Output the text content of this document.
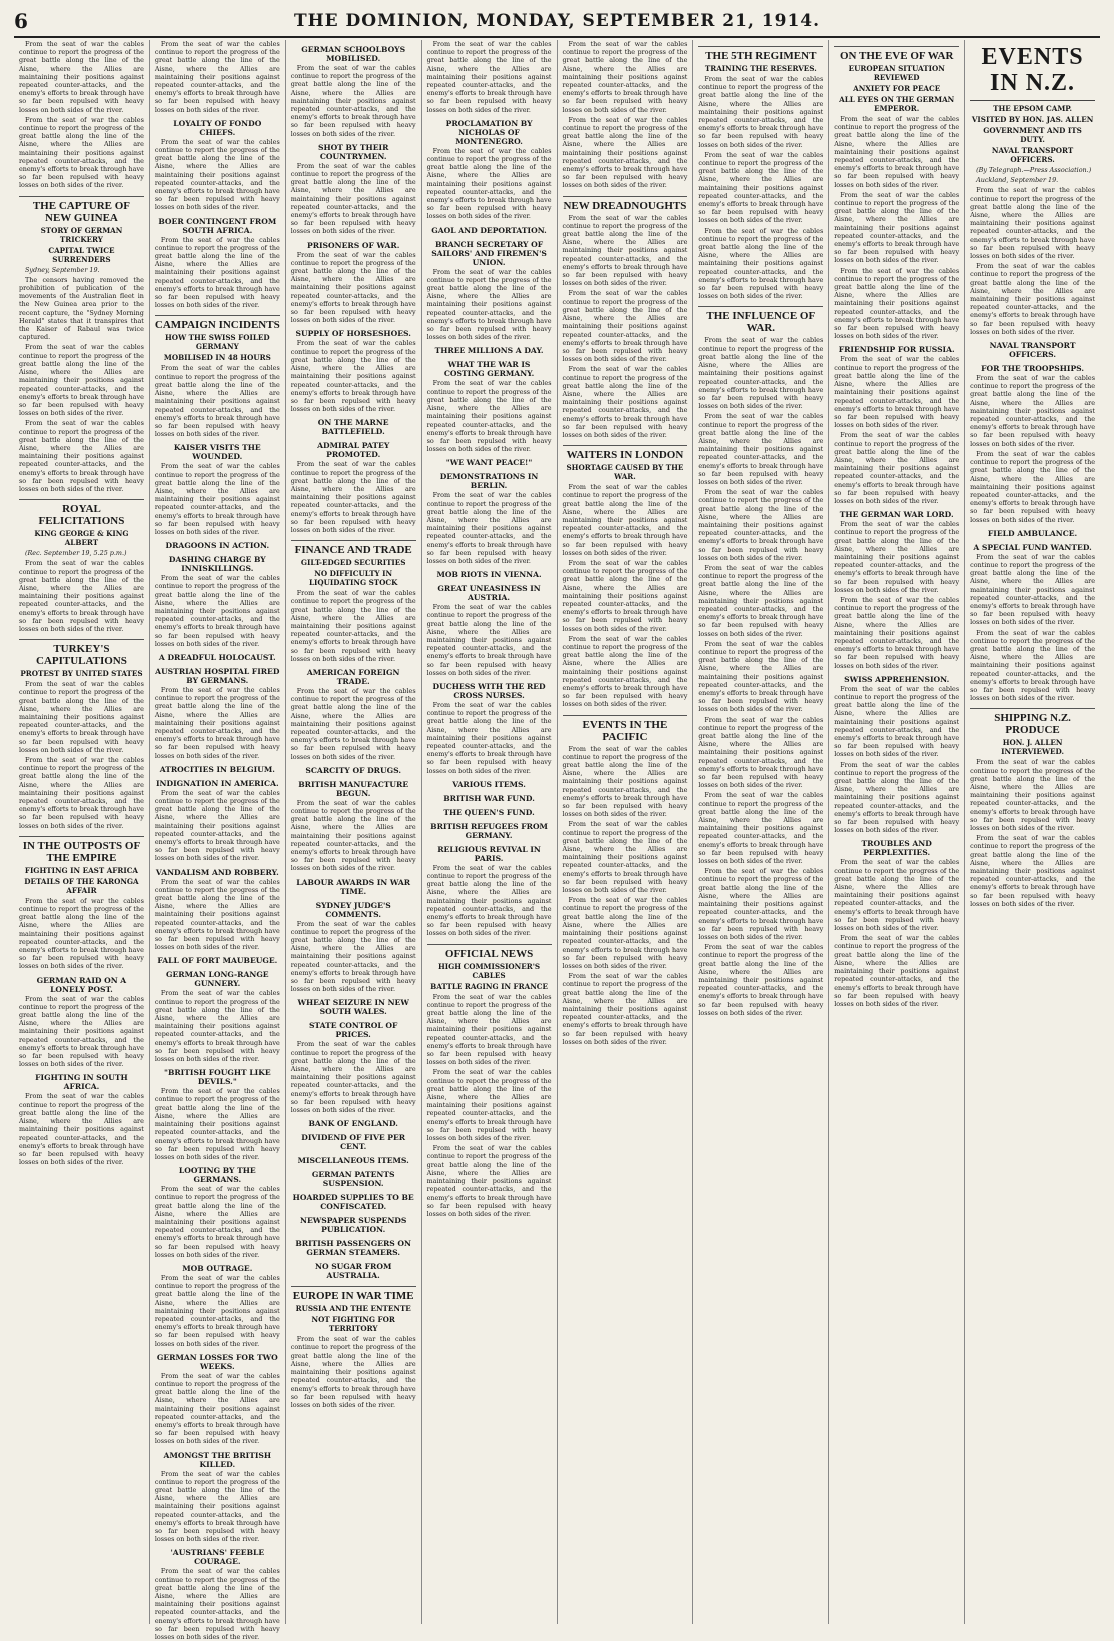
6	THE DOMINION, MONDAY, SEPTEMBER 21, 1914.

From the seat of war the cables continue to report the progress of the great battle along the line of the Aisne, where the Allies are maintaining their positions against repeated counter-attacks, and the enemy's efforts to break through have so far been repulsed with heavy losses on both sides of the river.

From the seat of war the cables continue to report the progress of the great battle along the line of the Aisne, where the Allies are maintaining their positions against repeated counter-attacks, and the enemy's efforts to break through have so far been repulsed with heavy losses on both sides of the river.

THE CAPTURE OF NEW GUINEA
STORY OF GERMAN TRICKERY
CAPITAL TWICE SURRENDERS

Sydney, September 19.

The censors having removed the prohibition of publication of the movements of the Australian fleet in the New Guinea area prior to the recent capture, the "Sydney Morning Herald" states that it transpires that the Kaiser of Rabaul was twice captured.

From the seat of war the cables continue to report the progress of the great battle along the line of the Aisne, where the Allies are maintaining their positions against repeated counter-attacks, and the enemy's efforts to break through have so far been repulsed with heavy losses on both sides of the river.

From the seat of war the cables continue to report the progress of the great battle along the line of the Aisne, where the Allies are maintaining their positions against repeated counter-attacks, and the enemy's efforts to break through have so far been repulsed with heavy losses on both sides of the river.

ROYAL FELICITATIONS
KING GEORGE & KING ALBERT

(Rec. September 19, 5.25 p.m.)

From the seat of war the cables continue to report the progress of the great battle along the line of the Aisne, where the Allies are maintaining their positions against repeated counter-attacks, and the enemy's efforts to break through have so far been repulsed with heavy losses on both sides of the river.

TURKEY'S CAPITULATIONS
PROTEST BY UNITED STATES

From the seat of war the cables continue to report the progress of the great battle along the line of the Aisne, where the Allies are maintaining their positions against repeated counter-attacks, and the enemy's efforts to break through have so far been repulsed with heavy losses on both sides of the river.

From the seat of war the cables continue to report the progress of the great battle along the line of the Aisne, where the Allies are maintaining their positions against repeated counter-attacks, and the enemy's efforts to break through have so far been repulsed with heavy losses on both sides of the river.

IN THE OUTPOSTS OF THE EMPIRE
FIGHTING IN EAST AFRICA
DETAILS OF THE KARONGA AFFAIR

From the seat of war the cables continue to report the progress of the great battle along the line of the Aisne, where the Allies are maintaining their positions against repeated counter-attacks, and the enemy's efforts to break through have so far been repulsed with heavy losses on both sides of the river.

GERMAN RAID ON A LONELY POST.

From the seat of war the cables continue to report the progress of the great battle along the line of the Aisne, where the Allies are maintaining their positions against repeated counter-attacks, and the enemy's efforts to break through have so far been repulsed with heavy losses on both sides of the river.

FIGHTING IN SOUTH AFRICA.

From the seat of war the cables continue to report the progress of the great battle along the line of the Aisne, where the Allies are maintaining their positions against repeated counter-attacks, and the enemy's efforts to break through have so far been repulsed with heavy losses on both sides of the river.

From the seat of war the cables continue to report the progress of the great battle along the line of the Aisne, where the Allies are maintaining their positions against repeated counter-attacks, and the enemy's efforts to break through have so far been repulsed with heavy losses on both sides of the river.

LOYALTY OF FONDO CHIEFS.

From the seat of war the cables continue to report the progress of the great battle along the line of the Aisne, where the Allies are maintaining their positions against repeated counter-attacks, and the enemy's efforts to break through have so far been repulsed with heavy losses on both sides of the river.

BOER CONTINGENT FROM SOUTH AFRICA.

From the seat of war the cables continue to report the progress of the great battle along the line of the Aisne, where the Allies are maintaining their positions against repeated counter-attacks, and the enemy's efforts to break through have so far been repulsed with heavy losses on both sides of the river.

CAMPAIGN INCIDENTS
HOW THE SWISS FOILED GERMANY
MOBILISED IN 48 HOURS

From the seat of war the cables continue to report the progress of the great battle along the line of the Aisne, where the Allies are maintaining their positions against repeated counter-attacks, and the enemy's efforts to break through have so far been repulsed with heavy losses on both sides of the river.

KAISER VISITS THE WOUNDED.

From the seat of war the cables continue to report the progress of the great battle along the line of the Aisne, where the Allies are maintaining their positions against repeated counter-attacks, and the enemy's efforts to break through have so far been repulsed with heavy losses on both sides of the river.

DRAGOONS IN ACTION.
DASHING CHARGE BY INNISKILLINGS.

From the seat of war the cables continue to report the progress of the great battle along the line of the Aisne, where the Allies are maintaining their positions against repeated counter-attacks, and the enemy's efforts to break through have so far been repulsed with heavy losses on both sides of the river.

A DREADFUL HOLOCAUST.
AUSTRIAN HOSPITAL FIRED BY GERMANS.

From the seat of war the cables continue to report the progress of the great battle along the line of the Aisne, where the Allies are maintaining their positions against repeated counter-attacks, and the enemy's efforts to break through have so far been repulsed with heavy losses on both sides of the river.

ATROCITIES IN BELGIUM.
INDIGNATION IN AMERICA.

From the seat of war the cables continue to report the progress of the great battle along the line of the Aisne, where the Allies are maintaining their positions against repeated counter-attacks, and the enemy's efforts to break through have so far been repulsed with heavy losses on both sides of the river.

VANDALISM AND ROBBERY.

From the seat of war the cables continue to report the progress of the great battle along the line of the Aisne, where the Allies are maintaining their positions against repeated counter-attacks, and the enemy's efforts to break through have so far been repulsed with heavy losses on both sides of the river.

FALL OF FORT MAUBEUGE.
GERMAN LONG-RANGE GUNNERY.

From the seat of war the cables continue to report the progress of the great battle along the line of the Aisne, where the Allies are maintaining their positions against repeated counter-attacks, and the enemy's efforts to break through have so far been repulsed with heavy losses on both sides of the river.

"BRITISH FOUGHT LIKE DEVILS."

From the seat of war the cables continue to report the progress of the great battle along the line of the Aisne, where the Allies are maintaining their positions against repeated counter-attacks, and the enemy's efforts to break through have so far been repulsed with heavy losses on both sides of the river.

LOOTING BY THE GERMANS.

From the seat of war the cables continue to report the progress of the great battle along the line of the Aisne, where the Allies are maintaining their positions against repeated counter-attacks, and the enemy's efforts to break through have so far been repulsed with heavy losses on both sides of the river.

MOB OUTRAGE.

From the seat of war the cables continue to report the progress of the great battle along the line of the Aisne, where the Allies are maintaining their positions against repeated counter-attacks, and the enemy's efforts to break through have so far been repulsed with heavy losses on both sides of the river.

GERMAN LOSSES FOR TWO WEEKS.

From the seat of war the cables continue to report the progress of the great battle along the line of the Aisne, where the Allies are maintaining their positions against repeated counter-attacks, and the enemy's efforts to break through have so far been repulsed with heavy losses on both sides of the river.

AMONGST THE BRITISH KILLED.

From the seat of war the cables continue to report the progress of the great battle along the line of the Aisne, where the Allies are maintaining their positions against repeated counter-attacks, and the enemy's efforts to break through have so far been repulsed with heavy losses on both sides of the river.

'AUSTRIANS' FEEBLE COURAGE.

From the seat of war the cables continue to report the progress of the great battle along the line of the Aisne, where the Allies are maintaining their positions against repeated counter-attacks, and the enemy's efforts to break through have so far been repulsed with heavy losses on both sides of the river.

GERMAN SCHOOLBOYS MOBILISED.

From the seat of war the cables continue to report the progress of the great battle along the line of the Aisne, where the Allies are maintaining their positions against repeated counter-attacks, and the enemy's efforts to break through have so far been repulsed with heavy losses on both sides of the river.

SHOT BY THEIR COUNTRYMEN.

From the seat of war the cables continue to report the progress of the great battle along the line of the Aisne, where the Allies are maintaining their positions against repeated counter-attacks, and the enemy's efforts to break through have so far been repulsed with heavy losses on both sides of the river.

PRISONERS OF WAR.

From the seat of war the cables continue to report the progress of the great battle along the line of the Aisne, where the Allies are maintaining their positions against repeated counter-attacks, and the enemy's efforts to break through have so far been repulsed with heavy losses on both sides of the river.

SUPPLY OF HORSESHOES.

From the seat of war the cables continue to report the progress of the great battle along the line of the Aisne, where the Allies are maintaining their positions against repeated counter-attacks, and the enemy's efforts to break through have so far been repulsed with heavy losses on both sides of the river.

ON THE MARNE BATTLEFIELD.
ADMIRAL PATEY PROMOTED.

From the seat of war the cables continue to report the progress of the great battle along the line of the Aisne, where the Allies are maintaining their positions against repeated counter-attacks, and the enemy's efforts to break through have so far been repulsed with heavy losses on both sides of the river.

FINANCE AND TRADE
GILT-EDGED SECURITIES
NO DIFFICULTY IN LIQUIDATING STOCK

From the seat of war the cables continue to report the progress of the great battle along the line of the Aisne, where the Allies are maintaining their positions against repeated counter-attacks, and the enemy's efforts to break through have so far been repulsed with heavy losses on both sides of the river.

AMERICAN FOREIGN TRADE.

From the seat of war the cables continue to report the progress of the great battle along the line of the Aisne, where the Allies are maintaining their positions against repeated counter-attacks, and the enemy's efforts to break through have so far been repulsed with heavy losses on both sides of the river.

SCARCITY OF DRUGS.
BRITISH MANUFACTURE BEGUN.

From the seat of war the cables continue to report the progress of the great battle along the line of the Aisne, where the Allies are maintaining their positions against repeated counter-attacks, and the enemy's efforts to break through have so far been repulsed with heavy losses on both sides of the river.

LABOUR AWARDS IN WAR TIME.
SYDNEY JUDGE'S COMMENTS.

From the seat of war the cables continue to report the progress of the great battle along the line of the Aisne, where the Allies are maintaining their positions against repeated counter-attacks, and the enemy's efforts to break through have so far been repulsed with heavy losses on both sides of the river.

WHEAT SEIZURE IN NEW SOUTH WALES.
STATE CONTROL OF PRICES.

From the seat of war the cables continue to report the progress of the great battle along the line of the Aisne, where the Allies are maintaining their positions against repeated counter-attacks, and the enemy's efforts to break through have so far been repulsed with heavy losses on both sides of the river.

BANK OF ENGLAND.
DIVIDEND OF FIVE PER CENT.
MISCELLANEOUS ITEMS.
GERMAN PATENTS SUSPENSION.
HOARDED SUPPLIES TO BE CONFISCATED.
NEWSPAPER SUSPENDS PUBLICATION.
BRITISH PASSENGERS ON GERMAN STEAMERS.
NO SUGAR FROM AUSTRALIA.
EUROPE IN WAR TIME
RUSSIA AND THE ENTENTE
NOT FIGHTING FOR TERRITORY

From the seat of war the cables continue to report the progress of the great battle along the line of the Aisne, where the Allies are maintaining their positions against repeated counter-attacks, and the enemy's efforts to break through have so far been repulsed with heavy losses on both sides of the river.

From the seat of war the cables continue to report the progress of the great battle along the line of the Aisne, where the Allies are maintaining their positions against repeated counter-attacks, and the enemy's efforts to break through have so far been repulsed with heavy losses on both sides of the river.

PROCLAMATION BY NICHOLAS OF MONTENEGRO.

From the seat of war the cables continue to report the progress of the great battle along the line of the Aisne, where the Allies are maintaining their positions against repeated counter-attacks, and the enemy's efforts to break through have so far been repulsed with heavy losses on both sides of the river.

GAOL AND DEPORTATION.
BRANCH SECRETARY OF SAILORS' AND FIREMEN'S UNION.

From the seat of war the cables continue to report the progress of the great battle along the line of the Aisne, where the Allies are maintaining their positions against repeated counter-attacks, and the enemy's efforts to break through have so far been repulsed with heavy losses on both sides of the river.

THREE MILLIONS A DAY.
WHAT THE WAR IS COSTING GERMANY.

From the seat of war the cables continue to report the progress of the great battle along the line of the Aisne, where the Allies are maintaining their positions against repeated counter-attacks, and the enemy's efforts to break through have so far been repulsed with heavy losses on both sides of the river.

"WE WANT PEACE!"
DEMONSTRATIONS IN BERLIN.

From the seat of war the cables continue to report the progress of the great battle along the line of the Aisne, where the Allies are maintaining their positions against repeated counter-attacks, and the enemy's efforts to break through have so far been repulsed with heavy losses on both sides of the river.

MOB RIOTS IN VIENNA.
GREAT UNEASINESS IN AUSTRIA.

From the seat of war the cables continue to report the progress of the great battle along the line of the Aisne, where the Allies are maintaining their positions against repeated counter-attacks, and the enemy's efforts to break through have so far been repulsed with heavy losses on both sides of the river.

DUCHESS WITH THE RED CROSS NURSES.

From the seat of war the cables continue to report the progress of the great battle along the line of the Aisne, where the Allies are maintaining their positions against repeated counter-attacks, and the enemy's efforts to break through have so far been repulsed with heavy losses on both sides of the river.

VARIOUS ITEMS.
BRITISH WAR FUND.
THE QUEEN'S FUND.
BRITISH REFUGEES FROM GERMANY.
RELIGIOUS REVIVAL IN PARIS.

From the seat of war the cables continue to report the progress of the great battle along the line of the Aisne, where the Allies are maintaining their positions against repeated counter-attacks, and the enemy's efforts to break through have so far been repulsed with heavy losses on both sides of the river.

OFFICIAL NEWS
HIGH COMMISSIONER'S CABLES
BATTLE RAGING IN FRANCE

From the seat of war the cables continue to report the progress of the great battle along the line of the Aisne, where the Allies are maintaining their positions against repeated counter-attacks, and the enemy's efforts to break through have so far been repulsed with heavy losses on both sides of the river.

From the seat of war the cables continue to report the progress of the great battle along the line of the Aisne, where the Allies are maintaining their positions against repeated counter-attacks, and the enemy's efforts to break through have so far been repulsed with heavy losses on both sides of the river.

From the seat of war the cables continue to report the progress of the great battle along the line of the Aisne, where the Allies are maintaining their positions against repeated counter-attacks, and the enemy's efforts to break through have so far been repulsed with heavy losses on both sides of the river.

From the seat of war the cables continue to report the progress of the great battle along the line of the Aisne, where the Allies are maintaining their positions against repeated counter-attacks, and the enemy's efforts to break through have so far been repulsed with heavy losses on both sides of the river.

From the seat of war the cables continue to report the progress of the great battle along the line of the Aisne, where the Allies are maintaining their positions against repeated counter-attacks, and the enemy's efforts to break through have so far been repulsed with heavy losses on both sides of the river.

NEW DREADNOUGHTS

From the seat of war the cables continue to report the progress of the great battle along the line of the Aisne, where the Allies are maintaining their positions against repeated counter-attacks, and the enemy's efforts to break through have so far been repulsed with heavy losses on both sides of the river.

From the seat of war the cables continue to report the progress of the great battle along the line of the Aisne, where the Allies are maintaining their positions against repeated counter-attacks, and the enemy's efforts to break through have so far been repulsed with heavy losses on both sides of the river.

From the seat of war the cables continue to report the progress of the great battle along the line of the Aisne, where the Allies are maintaining their positions against repeated counter-attacks, and the enemy's efforts to break through have so far been repulsed with heavy losses on both sides of the river.

WAITERS IN LONDON
SHORTAGE CAUSED BY THE WAR.

From the seat of war the cables continue to report the progress of the great battle along the line of the Aisne, where the Allies are maintaining their positions against repeated counter-attacks, and the enemy's efforts to break through have so far been repulsed with heavy losses on both sides of the river.

From the seat of war the cables continue to report the progress of the great battle along the line of the Aisne, where the Allies are maintaining their positions against repeated counter-attacks, and the enemy's efforts to break through have so far been repulsed with heavy losses on both sides of the river.

From the seat of war the cables continue to report the progress of the great battle along the line of the Aisne, where the Allies are maintaining their positions against repeated counter-attacks, and the enemy's efforts to break through have so far been repulsed with heavy losses on both sides of the river.

EVENTS IN THE PACIFIC

From the seat of war the cables continue to report the progress of the great battle along the line of the Aisne, where the Allies are maintaining their positions against repeated counter-attacks, and the enemy's efforts to break through have so far been repulsed with heavy losses on both sides of the river.

From the seat of war the cables continue to report the progress of the great battle along the line of the Aisne, where the Allies are maintaining their positions against repeated counter-attacks, and the enemy's efforts to break through have so far been repulsed with heavy losses on both sides of the river.

From the seat of war the cables continue to report the progress of the great battle along the line of the Aisne, where the Allies are maintaining their positions against repeated counter-attacks, and the enemy's efforts to break through have so far been repulsed with heavy losses on both sides of the river.

From the seat of war the cables continue to report the progress of the great battle along the line of the Aisne, where the Allies are maintaining their positions against repeated counter-attacks, and the enemy's efforts to break through have so far been repulsed with heavy losses on both sides of the river.

THE 5TH REGIMENT
TRAINING THE RESERVES.

From the seat of war the cables continue to report the progress of the great battle along the line of the Aisne, where the Allies are maintaining their positions against repeated counter-attacks, and the enemy's efforts to break through have so far been repulsed with heavy losses on both sides of the river.

From the seat of war the cables continue to report the progress of the great battle along the line of the Aisne, where the Allies are maintaining their positions against repeated counter-attacks, and the enemy's efforts to break through have so far been repulsed with heavy losses on both sides of the river.

From the seat of war the cables continue to report the progress of the great battle along the line of the Aisne, where the Allies are maintaining their positions against repeated counter-attacks, and the enemy's efforts to break through have so far been repulsed with heavy losses on both sides of the river.

THE INFLUENCE OF WAR.

From the seat of war the cables continue to report the progress of the great battle along the line of the Aisne, where the Allies are maintaining their positions against repeated counter-attacks, and the enemy's efforts to break through have so far been repulsed with heavy losses on both sides of the river.

From the seat of war the cables continue to report the progress of the great battle along the line of the Aisne, where the Allies are maintaining their positions against repeated counter-attacks, and the enemy's efforts to break through have so far been repulsed with heavy losses on both sides of the river.

From the seat of war the cables continue to report the progress of the great battle along the line of the Aisne, where the Allies are maintaining their positions against repeated counter-attacks, and the enemy's efforts to break through have so far been repulsed with heavy losses on both sides of the river.

From the seat of war the cables continue to report the progress of the great battle along the line of the Aisne, where the Allies are maintaining their positions against repeated counter-attacks, and the enemy's efforts to break through have so far been repulsed with heavy losses on both sides of the river.

From the seat of war the cables continue to report the progress of the great battle along the line of the Aisne, where the Allies are maintaining their positions against repeated counter-attacks, and the enemy's efforts to break through have so far been repulsed with heavy losses on both sides of the river.

From the seat of war the cables continue to report the progress of the great battle along the line of the Aisne, where the Allies are maintaining their positions against repeated counter-attacks, and the enemy's efforts to break through have so far been repulsed with heavy losses on both sides of the river.

From the seat of war the cables continue to report the progress of the great battle along the line of the Aisne, where the Allies are maintaining their positions against repeated counter-attacks, and the enemy's efforts to break through have so far been repulsed with heavy losses on both sides of the river.

From the seat of war the cables continue to report the progress of the great battle along the line of the Aisne, where the Allies are maintaining their positions against repeated counter-attacks, and the enemy's efforts to break through have so far been repulsed with heavy losses on both sides of the river.

From the seat of war the cables continue to report the progress of the great battle along the line of the Aisne, where the Allies are maintaining their positions against repeated counter-attacks, and the enemy's efforts to break through have so far been repulsed with heavy losses on both sides of the river.

ON THE EVE OF WAR
EUROPEAN SITUATION REVIEWED
ANXIETY FOR PEACE
ALL EYES ON THE GERMAN EMPEROR.

From the seat of war the cables continue to report the progress of the great battle along the line of the Aisne, where the Allies are maintaining their positions against repeated counter-attacks, and the enemy's efforts to break through have so far been repulsed with heavy losses on both sides of the river.

From the seat of war the cables continue to report the progress of the great battle along the line of the Aisne, where the Allies are maintaining their positions against repeated counter-attacks, and the enemy's efforts to break through have so far been repulsed with heavy losses on both sides of the river.

From the seat of war the cables continue to report the progress of the great battle along the line of the Aisne, where the Allies are maintaining their positions against repeated counter-attacks, and the enemy's efforts to break through have so far been repulsed with heavy losses on both sides of the river.

FRIENDSHIP FOR RUSSIA.

From the seat of war the cables continue to report the progress of the great battle along the line of the Aisne, where the Allies are maintaining their positions against repeated counter-attacks, and the enemy's efforts to break through have so far been repulsed with heavy losses on both sides of the river.

From the seat of war the cables continue to report the progress of the great battle along the line of the Aisne, where the Allies are maintaining their positions against repeated counter-attacks, and the enemy's efforts to break through have so far been repulsed with heavy losses on both sides of the river.

THE GERMAN WAR LORD.

From the seat of war the cables continue to report the progress of the great battle along the line of the Aisne, where the Allies are maintaining their positions against repeated counter-attacks, and the enemy's efforts to break through have so far been repulsed with heavy losses on both sides of the river.

From the seat of war the cables continue to report the progress of the great battle along the line of the Aisne, where the Allies are maintaining their positions against repeated counter-attacks, and the enemy's efforts to break through have so far been repulsed with heavy losses on both sides of the river.

SWISS APPREHENSION.

From the seat of war the cables continue to report the progress of the great battle along the line of the Aisne, where the Allies are maintaining their positions against repeated counter-attacks, and the enemy's efforts to break through have so far been repulsed with heavy losses on both sides of the river.

From the seat of war the cables continue to report the progress of the great battle along the line of the Aisne, where the Allies are maintaining their positions against repeated counter-attacks, and the enemy's efforts to break through have so far been repulsed with heavy losses on both sides of the river.

TROUBLES AND PERPLEXITIES.

From the seat of war the cables continue to report the progress of the great battle along the line of the Aisne, where the Allies are maintaining their positions against repeated counter-attacks, and the enemy's efforts to break through have so far been repulsed with heavy losses on both sides of the river.

From the seat of war the cables continue to report the progress of the great battle along the line of the Aisne, where the Allies are maintaining their positions against repeated counter-attacks, and the enemy's efforts to break through have so far been repulsed with heavy losses on both sides of the river.

EVENTS IN N.Z.
THE EPSOM CAMP.
VISITED BY HON. JAS. ALLEN
GOVERNMENT AND ITS DUTY.
NAVAL TRANSPORT OFFICERS.

(By Telegraph.—Press Association.)

Auckland, September 19.

From the seat of war the cables continue to report the progress of the great battle along the line of the Aisne, where the Allies are maintaining their positions against repeated counter-attacks, and the enemy's efforts to break through have so far been repulsed with heavy losses on both sides of the river.

From the seat of war the cables continue to report the progress of the great battle along the line of the Aisne, where the Allies are maintaining their positions against repeated counter-attacks, and the enemy's efforts to break through have so far been repulsed with heavy losses on both sides of the river.

NAVAL TRANSPORT OFFICERS.
FOR THE TROOPSHIPS.

From the seat of war the cables continue to report the progress of the great battle along the line of the Aisne, where the Allies are maintaining their positions against repeated counter-attacks, and the enemy's efforts to break through have so far been repulsed with heavy losses on both sides of the river.

From the seat of war the cables continue to report the progress of the great battle along the line of the Aisne, where the Allies are maintaining their positions against repeated counter-attacks, and the enemy's efforts to break through have so far been repulsed with heavy losses on both sides of the river.

FIELD AMBULANCE.
A SPECIAL FUND WANTED.

From the seat of war the cables continue to report the progress of the great battle along the line of the Aisne, where the Allies are maintaining their positions against repeated counter-attacks, and the enemy's efforts to break through have so far been repulsed with heavy losses on both sides of the river.

From the seat of war the cables continue to report the progress of the great battle along the line of the Aisne, where the Allies are maintaining their positions against repeated counter-attacks, and the enemy's efforts to break through have so far been repulsed with heavy losses on both sides of the river.

SHIPPING N.Z. PRODUCE
HON. J. ALLEN INTERVIEWED.

From the seat of war the cables continue to report the progress of the great battle along the line of the Aisne, where the Allies are maintaining their positions against repeated counter-attacks, and the enemy's efforts to break through have so far been repulsed with heavy losses on both sides of the river.

From the seat of war the cables continue to report the progress of the great battle along the line of the Aisne, where the Allies are maintaining their positions against repeated counter-attacks, and the enemy's efforts to break through have so far been repulsed with heavy losses on both sides of the river.
